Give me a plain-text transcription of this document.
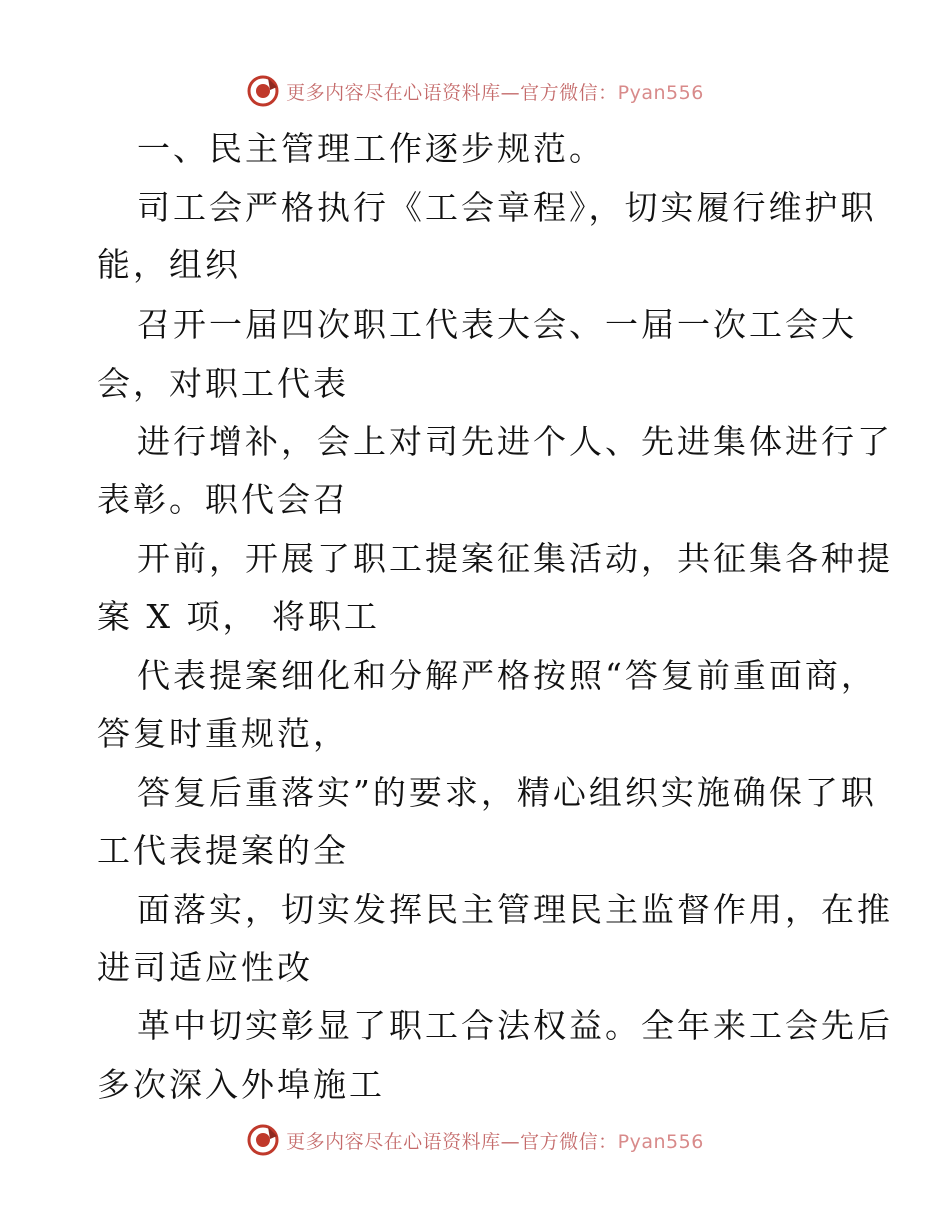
更多内容尽在心语资料库—官方微信：Pyan556
一、民主管理工作逐步规范。
司工会严格执行《工会章程》，切实履行维护职
能，组织
召开一届四次职工代表大会、一届一次工会大
会，对职工代表
进行增补，会上对司先进个人、先进集体进行了
表彰。职代会召
开前，开展了职工提案征集活动，共征集各种提
案 X 项， 将职工
代表提案细化和分解严格按照“答复前重面商，
答复时重规范，
答复后重落实”的要求，精心组织实施确保了职
工代表提案的全
面落实，切实发挥民主管理民主监督作用，在推
进司适应性改
革中切实彰显了职工合法权益。全年来工会先后
多次深入外埠施工
更多内容尽在心语资料库—官方微信：Pyan556
